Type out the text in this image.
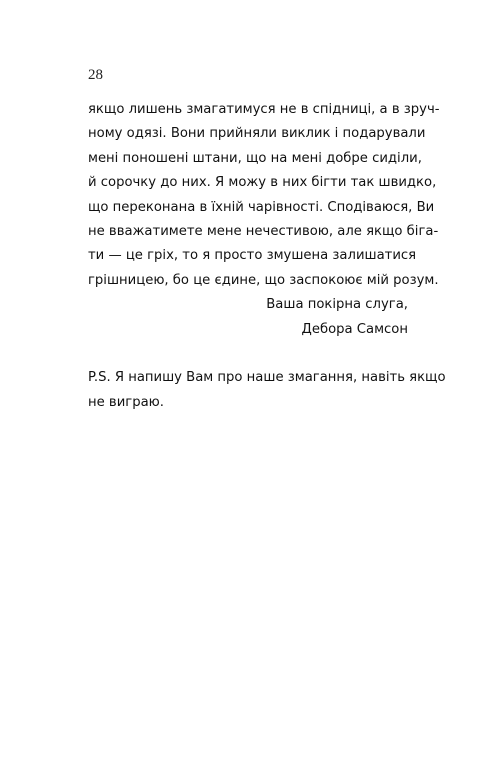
28
якщо лишень змагатимуся не в спідниці, а в зруч-
ному одязі. Вони прийняли виклик і подарували
мені поношені штани, що на мені добре сиділи,
й сорочку до них. Я можу в них бігти так швидко,
що переконана в їхній чарівності. Сподіваюся, Ви
не вважатимете мене нечестивою, але якщо біга-
ти — це гріх, то я просто змушена залишатися
грішницею, бо це єдине, що заспокоює мій розум.
Ваша покірна слуга,
Дебора Самсон
P.S. Я напишу Вам про наше змагання, навіть якщо
не виграю.
